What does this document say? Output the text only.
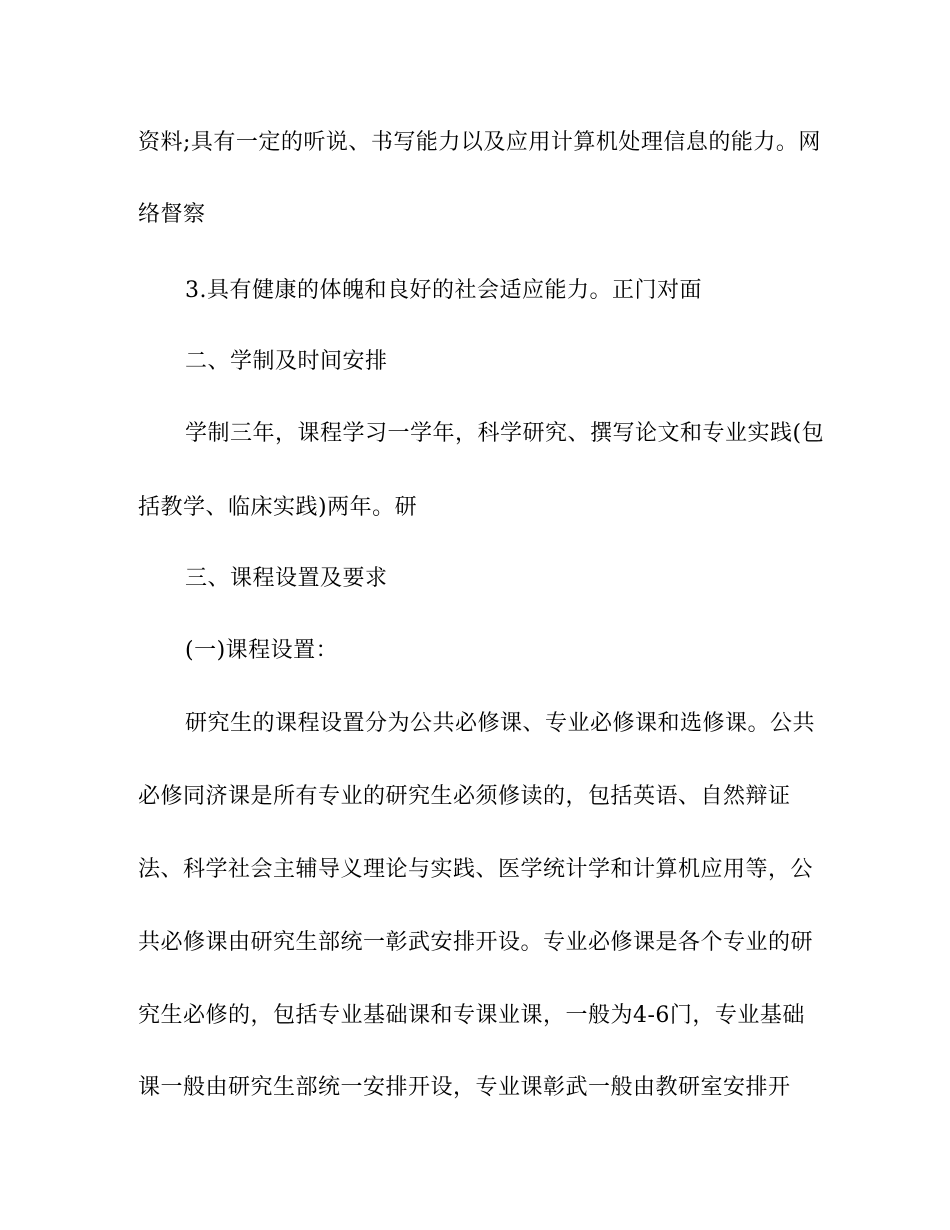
资料;具有一定的听说、书写能力以及应用计算机处理信息的能力。网
络督察
3.具有健康的体魄和良好的社会适应能力。正门对面
二、学制及时间安排
学制三年，课程学习一学年，科学研究、撰写论文和专业实践(包
括教学、临床实践)两年。研
三、课程设置及要求
(一)课程设置：
研究生的课程设置分为公共必修课、专业必修课和选修课。公共
必修同济课是所有专业的研究生必须修读的，包括英语、自然辩证
法、科学社会主辅导义理论与实践、医学统计学和计算机应用等，公
共必修课由研究生部统一彰武安排开设。专业必修课是各个专业的研
究生必修的，包括专业基础课和专课业课，一般为4-6门，专业基础
课一般由研究生部统一安排开设，专业课彰武一般由教研室安排开
